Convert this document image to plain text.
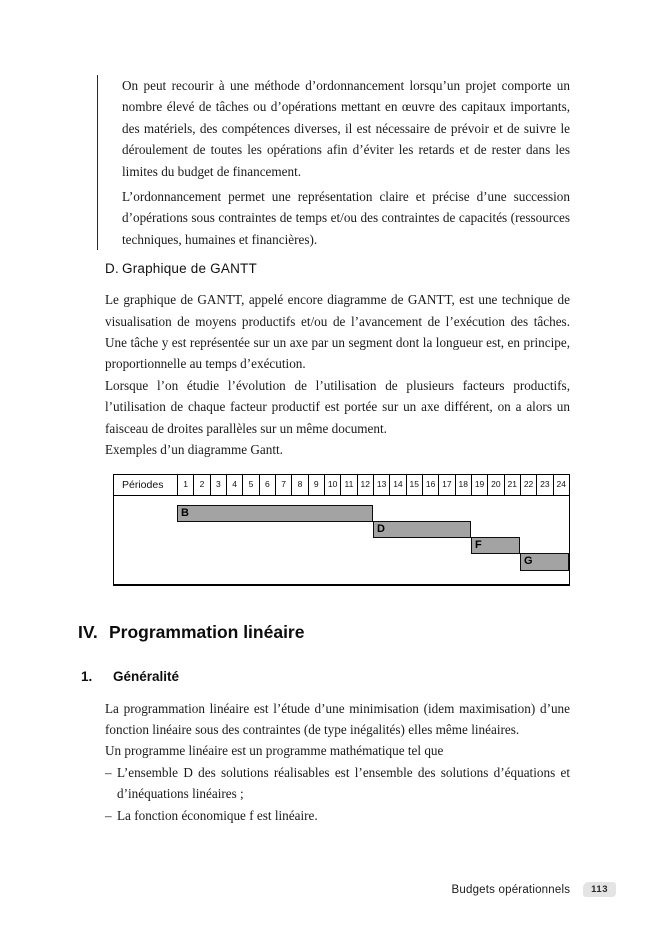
On peut recourir à une méthode d’ordonnancement lorsqu’un projet comporte un nombre élevé de tâches ou d’opérations mettant en œuvre des capitaux importants, des matériels, des compétences diverses, il est nécessaire de prévoir et de suivre le déroulement de toutes les opérations afin d’éviter les retards et de rester dans les limites du budget de financement.

L’ordonnancement permet une représentation claire et précise d’une succession d’opérations sous contraintes de temps et/ou des contraintes de capacités (ressources techniques, humaines et financières).

D. Graphique de GANTT

Le graphique de GANTT, appelé encore diagramme de GANTT, est une technique de visualisation de moyens productifs et/ou de l’avancement de l’exécution des tâches. Une tâche y est représentée sur un axe par un segment dont la longueur est, en principe, proportionnelle au temps d’exécution.

Lorsque l’on étudie l’évolution de l’utilisation de plusieurs facteurs productifs, l’utilisation de chaque facteur productif est portée sur un axe différent, on a alors un faisceau de droites parallèles sur un même document.

Exemples d’un diagramme Gantt.

Périodes	1	2	3	4	5	6	7	8	9	10 11 12 13 14 15 16 17 18 19 20 21 22 23 24
B
D
F
G
IV. Programmation linéaire
1. Généralité

La programmation linéaire est l’étude d’une minimisation (idem maximisation) d’une fonction linéaire sous des contraintes (de type inégalités) elles même linéaires.

Un programme linéaire est un programme mathématique tel que

– L’ensemble D des solutions réalisables est l’ensemble des solutions d’équations et d’inéquations linéaires ;

– La fonction économique f est linéaire.

Budgets opérationnels	113
